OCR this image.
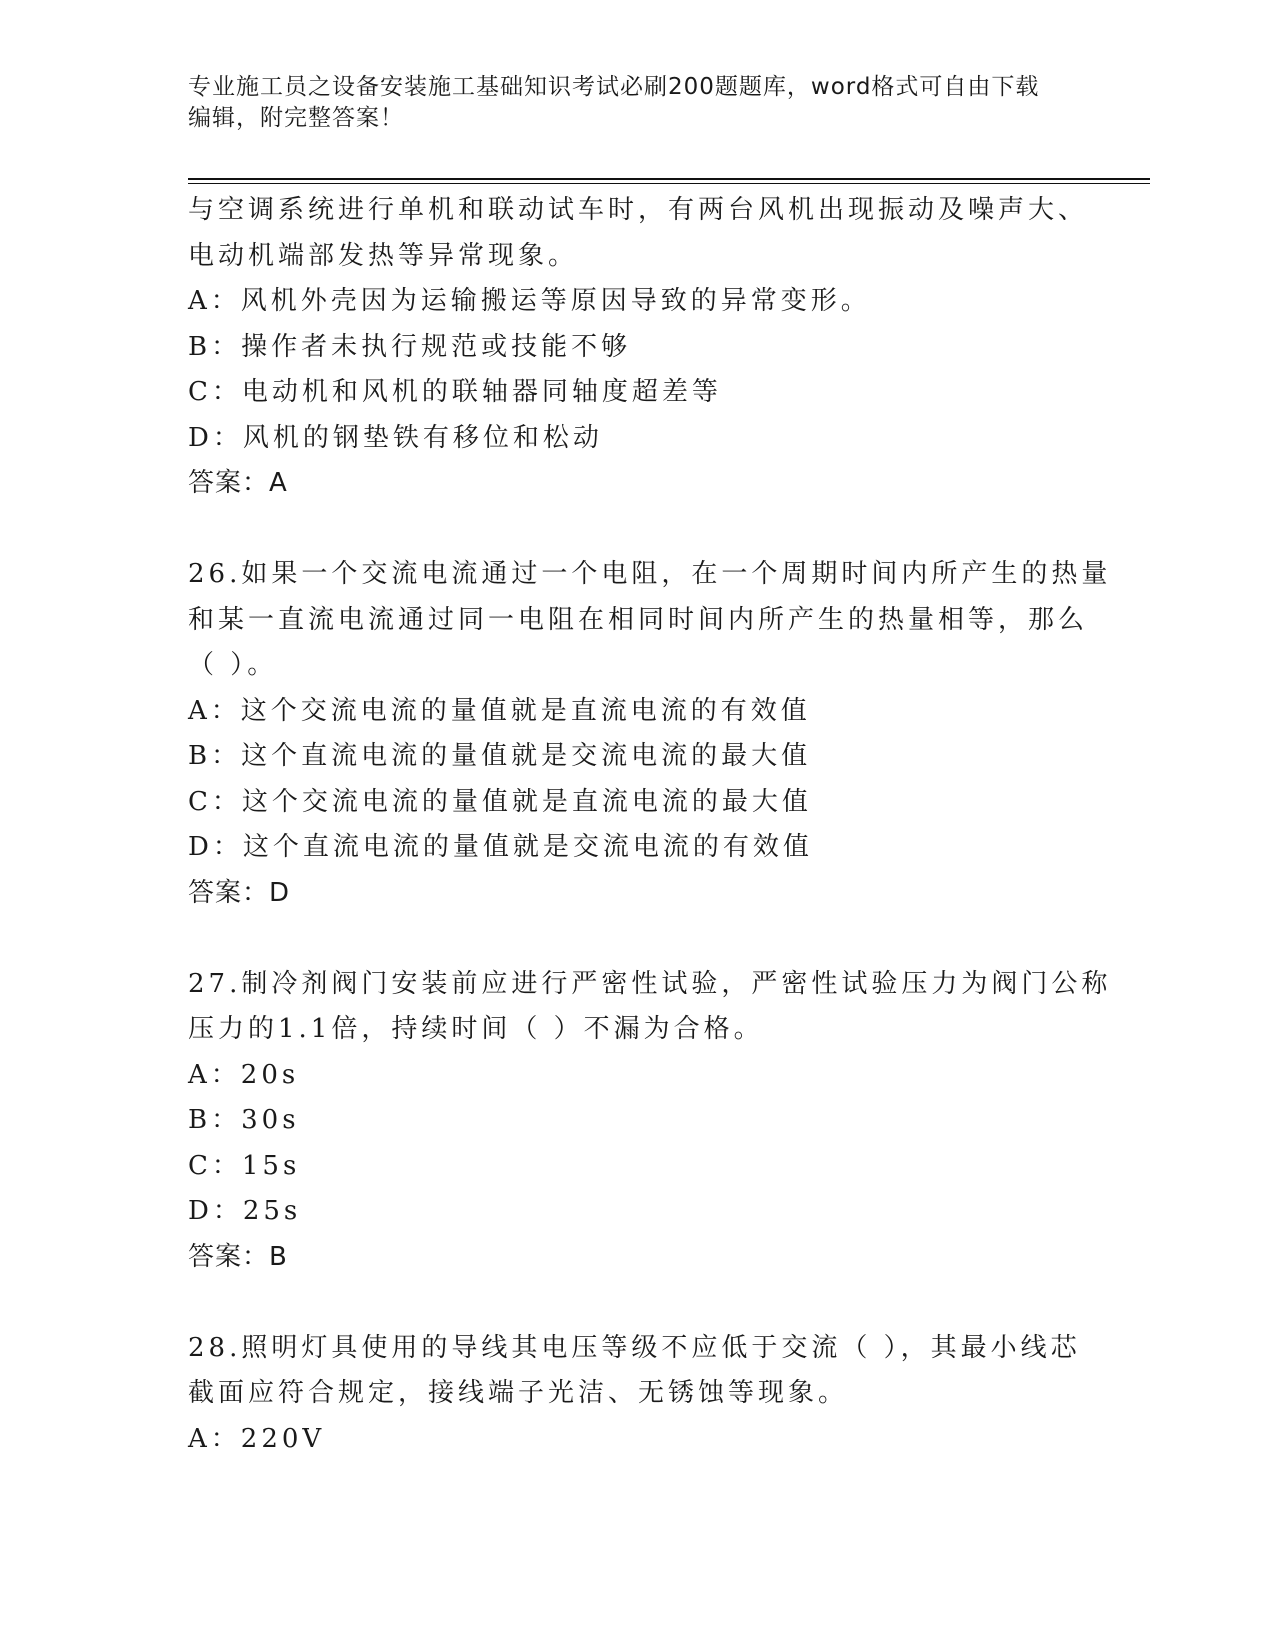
专业施工员之设备安装施工基础知识考试必刷200题题库，word格式可自由下载
编辑，附完整答案！
与空调系统进行单机和联动试车时，有两台风机出现振动及噪声大、
电动机端部发热等异常现象。
A：风机外壳因为运输搬运等原因导致的异常变形。
B：操作者未执行规范或技能不够
C：电动机和风机的联轴器同轴度超差等
D：风机的钢垫铁有移位和松动
答案：A
26.如果一个交流电流通过一个电阻，在一个周期时间内所产生的热量
和某一直流电流通过同一电阻在相同时间内所产生的热量相等，那么
（ ）。
A：这个交流电流的量值就是直流电流的有效值
B：这个直流电流的量值就是交流电流的最大值
C：这个交流电流的量值就是直流电流的最大值
D：这个直流电流的量值就是交流电流的有效值
答案：D
27.制冷剂阀门安装前应进行严密性试验，严密性试验压力为阀门公称
压力的1.1倍，持续时间（ ）不漏为合格。
A：20s
B：30s
C：15s
D：25s
答案：B
28.照明灯具使用的导线其电压等级不应低于交流（ ），其最小线芯
截面应符合规定，接线端子光洁、无锈蚀等现象。
A：220V
